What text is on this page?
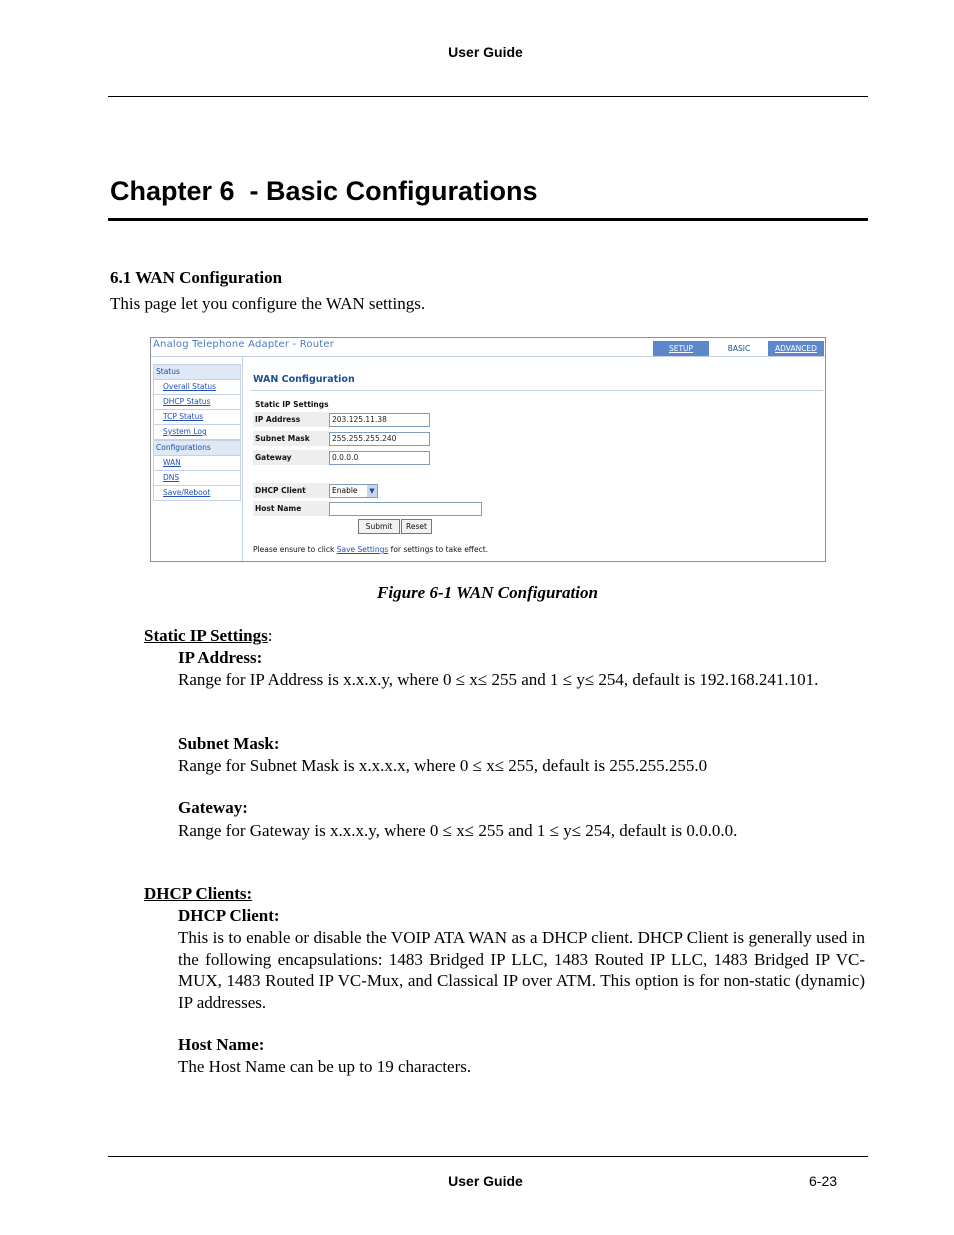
User Guide
Chapter 6  - Basic Configurations
6.1 WAN Configuration
This page let you configure the WAN settings.
Analog Telephone Adapter - Router	SETUP	BASIC	ADVANCED
Status
Overall Status
DHCP Status
TCP Status
System Log
Configurations
WAN
DNS
Save/Reboot
WAN Configuration
Static IP Settings
IP Address	203.125.11.38
Subnet Mask	255.255.255.240
Gateway	0.0.0.0
DHCP Client	Enable	▼
Host Name
Submit	Reset
Please ensure to click Save Settings for settings to take effect.
Figure 6-1 WAN Configuration
Static IP Settings:
IP Address:
Range for IP Address is x.x.x.y, where 0 ≤ x≤ 255 and 1 ≤ y≤ 254, default is 192.168.241.101.
Subnet Mask:
Range for Subnet Mask is x.x.x.x, where 0 ≤ x≤ 255, default is 255.255.255.0
Gateway:
Range for Gateway is x.x.x.y, where 0 ≤ x≤ 255 and 1 ≤ y≤ 254, default is 0.0.0.0.
DHCP Clients:
DHCP Client:
This is to enable or disable the VOIP ATA WAN as a DHCP client. DHCP Client is generally used in the following encapsulations: 1483 Bridged IP LLC, 1483 Routed IP LLC, 1483 Bridged IP VC-MUX, 1483 Routed IP VC-Mux, and Classical IP over ATM. This option is for non-static (dynamic) IP addresses.
Host Name:
The Host Name can be up to 19 characters.
User Guide	6-23
